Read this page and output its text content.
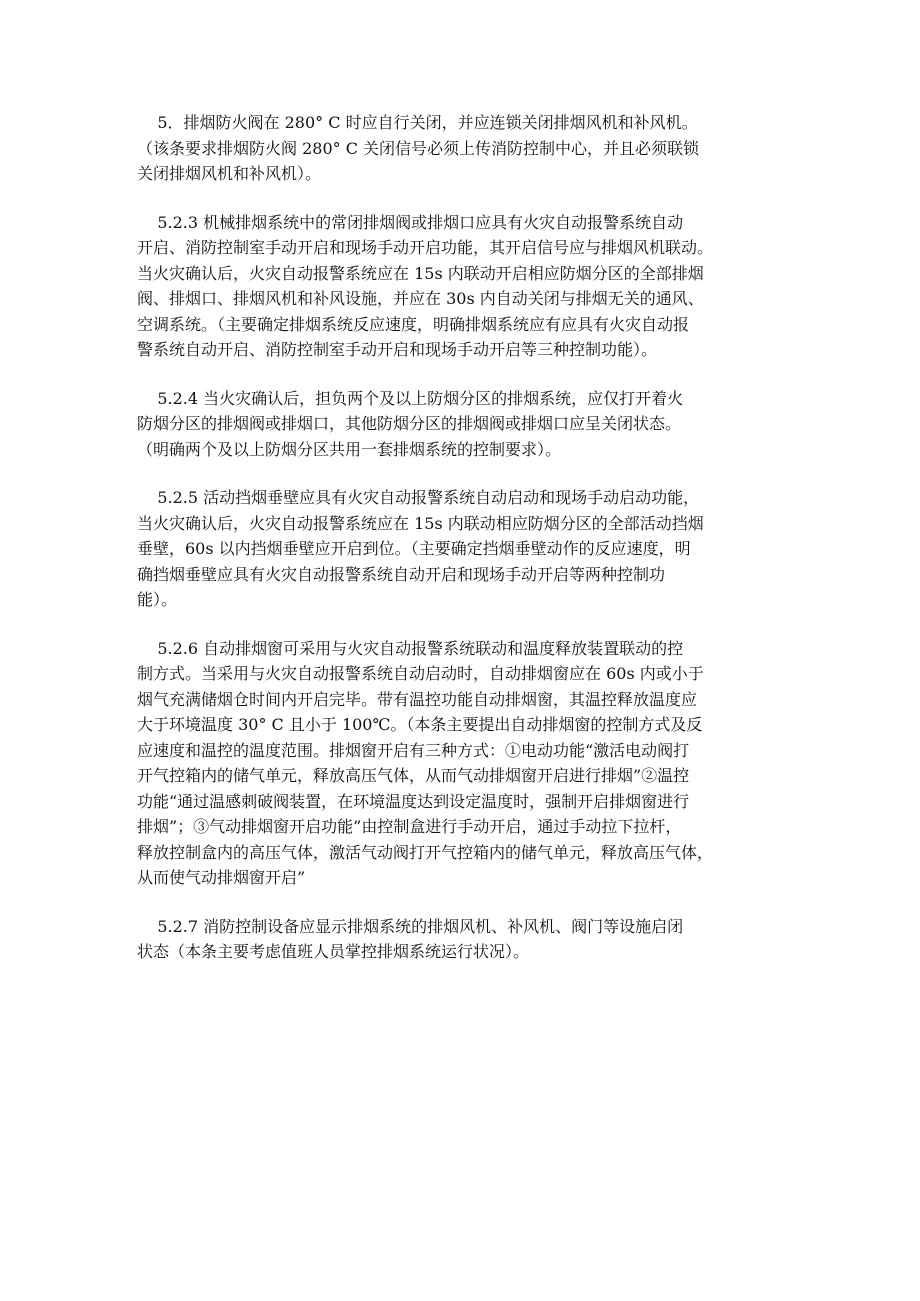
5．排烟防火阀在 280° C 时应自行关闭，并应连锁关闭排烟风机和补风机。
（该条要求排烟防火阀 280° C 关闭信号必须上传消防控制中心，并且必须联锁
关闭排烟风机和补风机）。

5.2.3 机械排烟系统中的常闭排烟阀或排烟口应具有火灾自动报警系统自动
开启、消防控制室手动开启和现场手动开启功能，其开启信号应与排烟风机联动。
当火灾确认后，火灾自动报警系统应在 15s 内联动开启相应防烟分区的全部排烟
阀、排烟口、排烟风机和补风设施，并应在 30s 内自动关闭与排烟无关的通风、
空调系统。（主要确定排烟系统反应速度，明确排烟系统应有应具有火灾自动报
警系统自动开启、消防控制室手动开启和现场手动开启等三种控制功能）。

5.2.4 当火灾确认后，担负两个及以上防烟分区的排烟系统，应仅打开着火
防烟分区的排烟阀或排烟口，其他防烟分区的排烟阀或排烟口应呈关闭状态。
（明确两个及以上防烟分区共用一套排烟系统的控制要求）。

5.2.5 活动挡烟垂壁应具有火灾自动报警系统自动启动和现场手动启动功能，
当火灾确认后，火灾自动报警系统应在 15s 内联动相应防烟分区的全部活动挡烟
垂壁，60s 以内挡烟垂壁应开启到位。（主要确定挡烟垂壁动作的反应速度，明
确挡烟垂壁应具有火灾自动报警系统自动开启和现场手动开启等两种控制功
能）。

5.2.6 自动排烟窗可采用与火灾自动报警系统联动和温度释放装置联动的控
制方式。当采用与火灾自动报警系统自动启动时，自动排烟窗应在 60s 内或小于
烟气充满储烟仓时间内开启完毕。带有温控功能自动排烟窗，其温控释放温度应
大于环境温度 30° C 且小于 100℃。（本条主要提出自动排烟窗的控制方式及反
应速度和温控的温度范围。排烟窗开启有三种方式：①电动功能“激活电动阀打
开气控箱内的储气单元，释放高压气体，从而气动排烟窗开启进行排烟”②温控
功能“通过温感刺破阀装置，在环境温度达到设定温度时，强制开启排烟窗进行
排烟”；③气动排烟窗开启功能”由控制盒进行手动开启，通过手动拉下拉杆，
释放控制盒内的高压气体，激活气动阀打开气控箱内的储气单元，释放高压气体，
从而使气动排烟窗开启”

5.2.7 消防控制设备应显示排烟系统的排烟风机、补风机、阀门等设施启闭
状态（本条主要考虑值班人员掌控排烟系统运行状况）。
